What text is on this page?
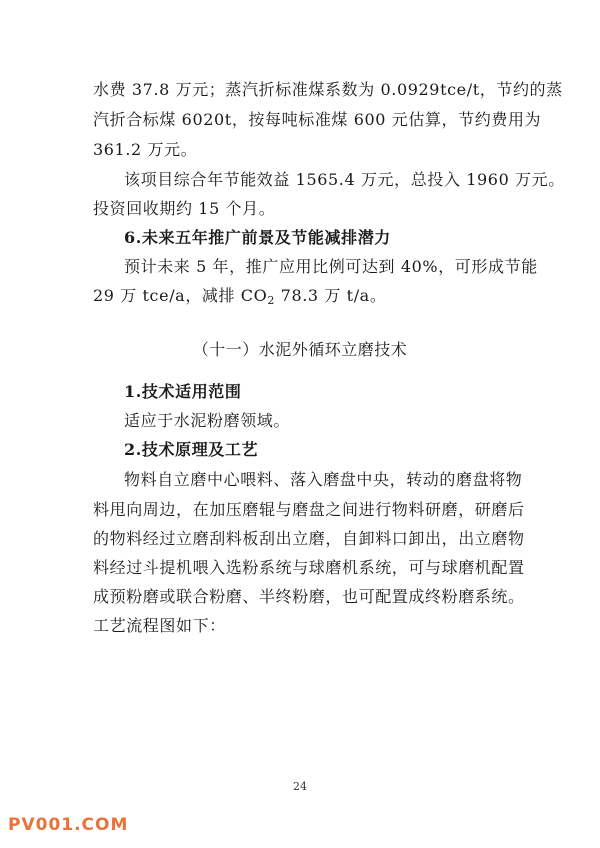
水费 37.8 万元；蒸汽折标准煤系数为 0.0929tce/t，节约的蒸
汽折合标煤 6020t，按每吨标准煤 600 元估算，节约费用为
361.2 万元。
该项目综合年节能效益 1565.4 万元，总投入 1960 万元。
投资回收期约 15 个月。
6.未来五年推广前景及节能减排潜力
预计未来 5 年，推广应用比例可达到 40%，可形成节能
29 万 tce/a，减排 $CO_2$ 78.3 万 t/a。
（十一）水泥外循环立磨技术
1.技术适用范围
适应于水泥粉磨领域。
2.技术原理及工艺
物料自立磨中心喂料、落入磨盘中央，转动的磨盘将物
料甩向周边，在加压磨辊与磨盘之间进行物料研磨，研磨后
的物料经过立磨刮料板刮出立磨，自卸料口卸出，出立磨物
料经过斗提机喂入选粉系统与球磨机系统，可与球磨机配置
成预粉磨或联合粉磨、半终粉磨，也可配置成终粉磨系统。
工艺流程图如下：
24
PV001.COM
